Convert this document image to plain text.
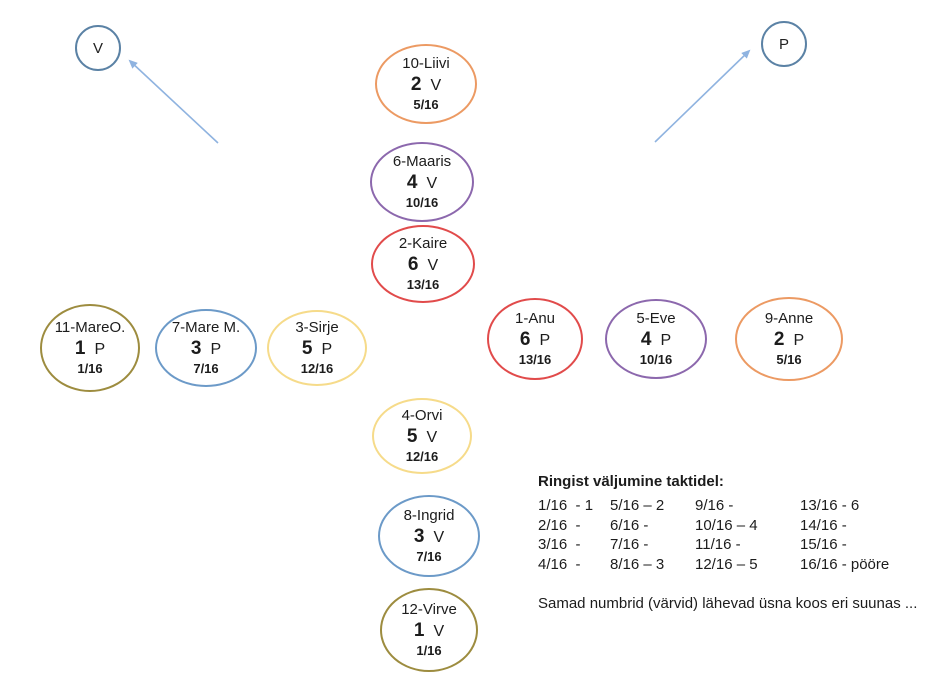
V	P
10-Liivi
2 V
5/16
6-Maaris
4 V
10/16
2-Kaire
6 V
13/16
11-MareO.
1 P
1/16
7-Mare M.
3 P
7/16
3-Sirje
5 P
12/16
1-Anu
6 P
13/16
5-Eve
4 P
10/16
9-Anne
2 P
5/16
4-Orvi
5 V
12/16
8-Ingrid
3 V
7/16
12-Virve
1 V
1/16
Ringist väljumine taktidel:
1/16  - 1	5/16 – 2	9/16 -	13/16 - 6
2/16  -	6/16 -	10/16 – 4	14/16 -
3/16  -	7/16 -	11/16 -	15/16 -
4/16  -	8/16 – 3	12/16 – 5	16/16 - pööre
Samad numbrid (värvid) lähevad üsna koos eri suunas ...
